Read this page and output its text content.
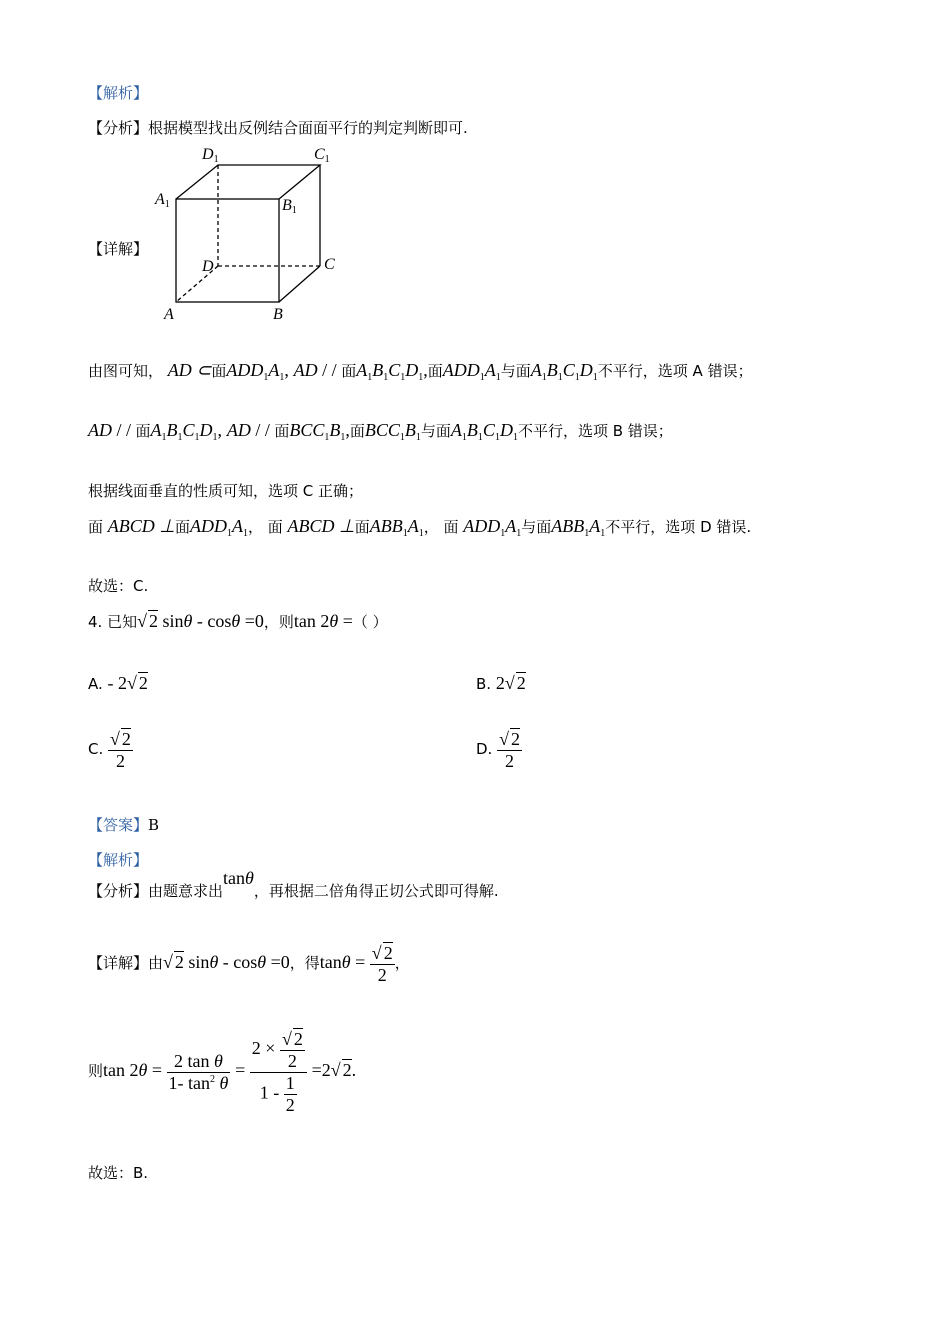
【解析】
【分析】根据模型找出反例结合面面平行的判定判断即可.
【详解】
D1	C1
A1	B1
D	C
A	B
由图可知， AD ⊂面$ADD_1A_1$, AD / / 面$A_1B_1C_1D_1$,面$ADD_1A_1$与面$A_1B_1C_1D_1$不平行，选项 A 错误；
AD / / 面$A_1B_1C_1D_1$, AD / / 面$BCC_1B_1$,面$BCC_1B_1$与面$A_1B_1C_1D_1$不平行，选项 B 错误；
根据线面垂直的性质可知，选项 C 正确；
面 ABCD ⊥面$ADD_1A_1$， 面 ABCD ⊥面$ABB_1A_1$， 面 $ADD_1A_1$与面$ABB_1A_1$不平行，选项 D 错误.
故选：C.
4. 已知√ 2 sinθ - cosθ =0，则tan 2θ =（ ）
A. - 2√ 2	B. 2√ 2
C. $\frac{√ 2}{2}$	D. $\frac{√ 2}{2}$
【答案】B
【解析】
【分析】由题意求出tanθ，再根据二倍角得正切公式即可得解.
【详解】由√ 2 sinθ - cosθ =0，得$\tan\theta = \frac{√ 2}{2}$ ，
则$\tan 2\theta = \frac{\text{2 tan θ}}{1- \tan^2 \theta} = \frac{2 \times \frac{√ 2}{2}}{1 - \frac{1}{2}} =2√$ 2.
故选：B.
